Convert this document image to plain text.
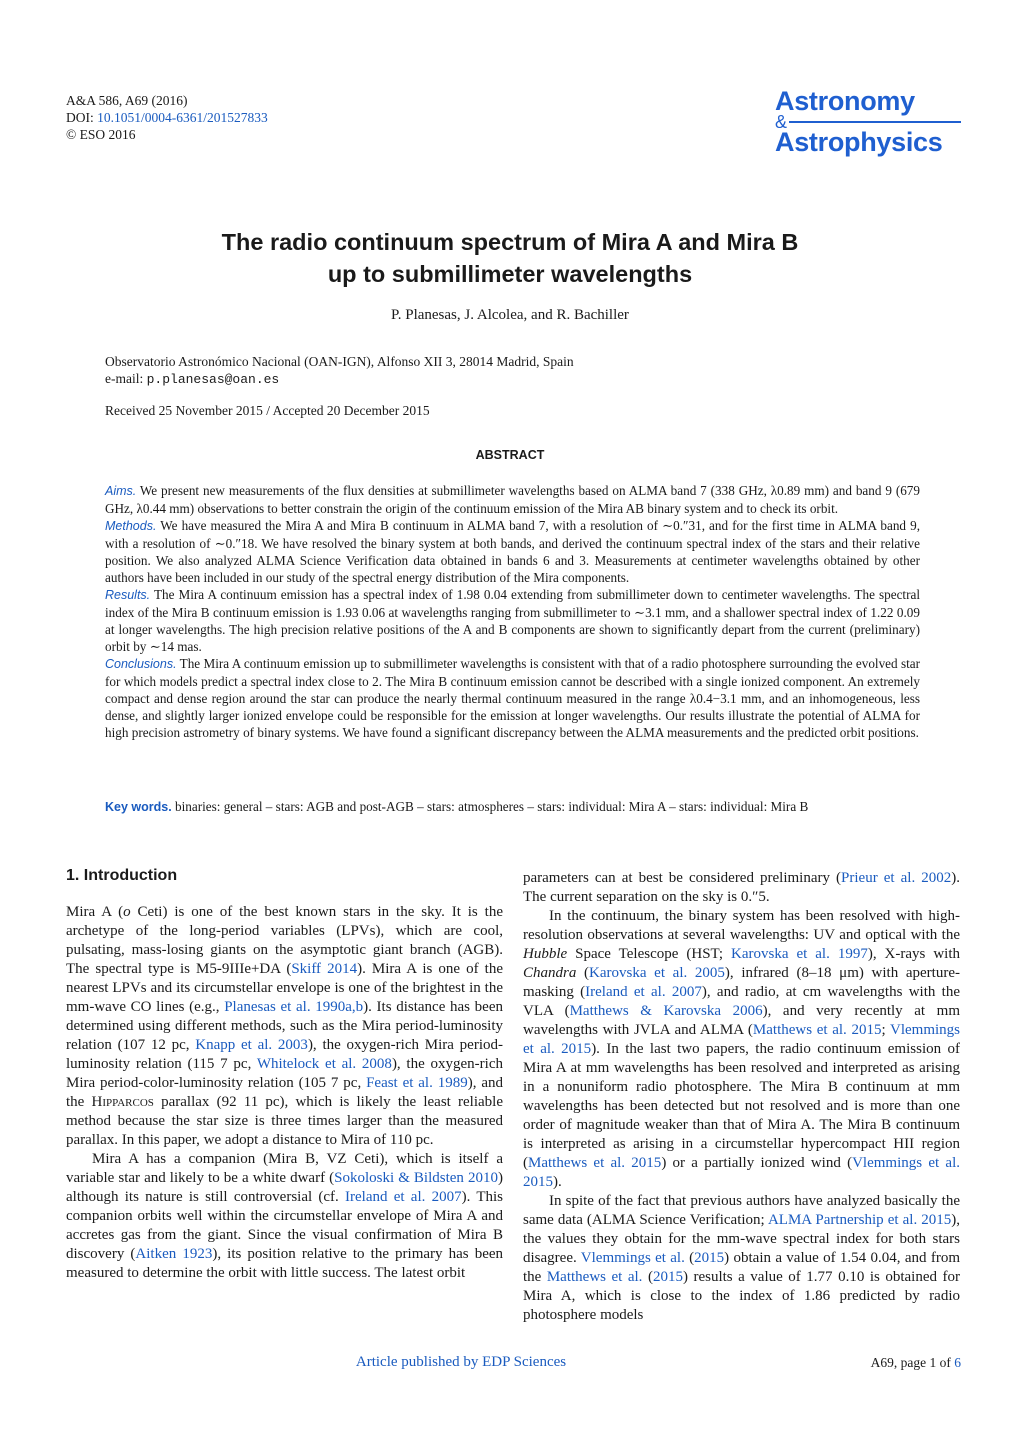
A&A 586, A69 (2016)
DOI: 10.1051/0004-6361/201527833
© ESO 2016
Astronomy
&
Astrophysics
The radio continuum spectrum of Mira A and Mira B
up to submillimeter wavelengths
P. Planesas, J. Alcolea, and R. Bachiller
Observatorio Astronómico Nacional (OAN-IGN), Alfonso XII 3, 28014 Madrid, Spain
e-mail: p.planesas@oan.es
Received 25 November 2015 / Accepted 20 December 2015
ABSTRACT

Aims. We present new measurements of the flux densities at submillimeter wavelengths based on ALMA band 7 (338 GHz, λ0.89 mm) and band 9 (679 GHz, λ0.44 mm) observations to better constrain the origin of the continuum emission of the Mira AB binary system and to check its orbit.

Methods. We have measured the Mira A and Mira B continuum in ALMA band 7, with a resolution of ∼0.″31, and for the first time in ALMA band 9, with a resolution of ∼0.″18. We have resolved the binary system at both bands, and derived the continuum spectral index of the stars and their relative position. We also analyzed ALMA Science Verification data obtained in bands 6 and 3. Measurements at centimeter wavelengths obtained by other authors have been included in our study of the spectral energy distribution of the Mira components.

Results. The Mira A continuum emission has a spectral index of 1.98 0.04 extending from submillimeter down to centimeter wavelengths. The spectral index of the Mira B continuum emission is 1.93 0.06 at wavelengths ranging from submillimeter to ∼3.1 mm, and a shallower spectral index of 1.22 0.09 at longer wavelengths. The high precision relative positions of the A and B components are shown to significantly depart from the current (preliminary) orbit by ∼14 mas.

Conclusions. The Mira A continuum emission up to submillimeter wavelengths is consistent with that of a radio photosphere surrounding the evolved star for which models predict a spectral index close to 2. The Mira B continuum emission cannot be described with a single ionized component. An extremely compact and dense region around the star can produce the nearly thermal continuum measured in the range λ0.4−3.1 mm, and an inhomogeneous, less dense, and slightly larger ionized envelope could be responsible for the emission at longer wavelengths. Our results illustrate the potential of ALMA for high precision astrometry of binary systems. We have found a significant discrepancy between the ALMA measurements and the predicted orbit positions.

Key words. binaries: general – stars: AGB and post-AGB – stars: atmospheres – stars: individual: Mira A – stars: individual: Mira B
1. Introduction

Mira A (o Ceti) is one of the best known stars in the sky. It is the archetype of the long-period variables (LPVs), which are cool, pulsating, mass-losing giants on the asymptotic giant branch (AGB). The spectral type is M5-9IIIe+DA (Skiff 2014). Mira A is one of the nearest LPVs and its circumstellar envelope is one of the brightest in the mm-wave CO lines (e.g., Planesas et al. 1990a,b). Its distance has been determined using different methods, such as the Mira period-luminosity relation (107 12 pc, Knapp et al. 2003), the oxygen-rich Mira period-luminosity relation (115 7 pc, Whitelock et al. 2008), the oxygen-rich Mira period-color-luminosity relation (105 7 pc, Feast et al. 1989), and the Hipparcos parallax (92 11 pc), which is likely the least reliable method because the star size is three times larger than the measured parallax. In this paper, we adopt a distance to Mira of 110 pc.

Mira A has a companion (Mira B, VZ Ceti), which is itself a variable star and likely to be a white dwarf (Sokoloski & Bildsten 2010) although its nature is still controversial (cf. Ireland et al. 2007). This companion orbits well within the circumstellar envelope of Mira A and accretes gas from the giant. Since the visual confirmation of Mira B discovery (Aitken 1923), its position relative to the primary has been measured to determine the orbit with little success. The latest orbit

parameters can at best be considered preliminary (Prieur et al. 2002). The current separation on the sky is 0.″5.

In the continuum, the binary system has been resolved with high-resolution observations at several wavelengths: UV and optical with the Hubble Space Telescope (HST; Karovska et al. 1997), X-rays with Chandra (Karovska et al. 2005), infrared (8–18 μm) with aperture-masking (Ireland et al. 2007), and radio, at cm wavelengths with the VLA (Matthews & Karovska 2006), and very recently at mm wavelengths with JVLA and ALMA (Matthews et al. 2015; Vlemmings et al. 2015). In the last two papers, the radio continuum emission of Mira A at mm wavelengths has been resolved and interpreted as arising in a nonuniform radio photosphere. The Mira B continuum at mm wavelengths has been detected but not resolved and is more than one order of magnitude weaker than that of Mira A. The Mira B continuum is interpreted as arising in a circumstellar hypercompact HII region (Matthews et al. 2015) or a partially ionized wind (Vlemmings et al. 2015).

In spite of the fact that previous authors have analyzed basically the same data (ALMA Science Verification; ALMA Partnership et al. 2015), the values they obtain for the mm-wave spectral index for both stars disagree. Vlemmings et al. (2015) obtain a value of 1.54 0.04, and from the Matthews et al. (2015) results a value of 1.77 0.10 is obtained for Mira A, which is close to the index of 1.86 predicted by radio photosphere models

Article published by EDP Sciences	A69, page 1 of 6
